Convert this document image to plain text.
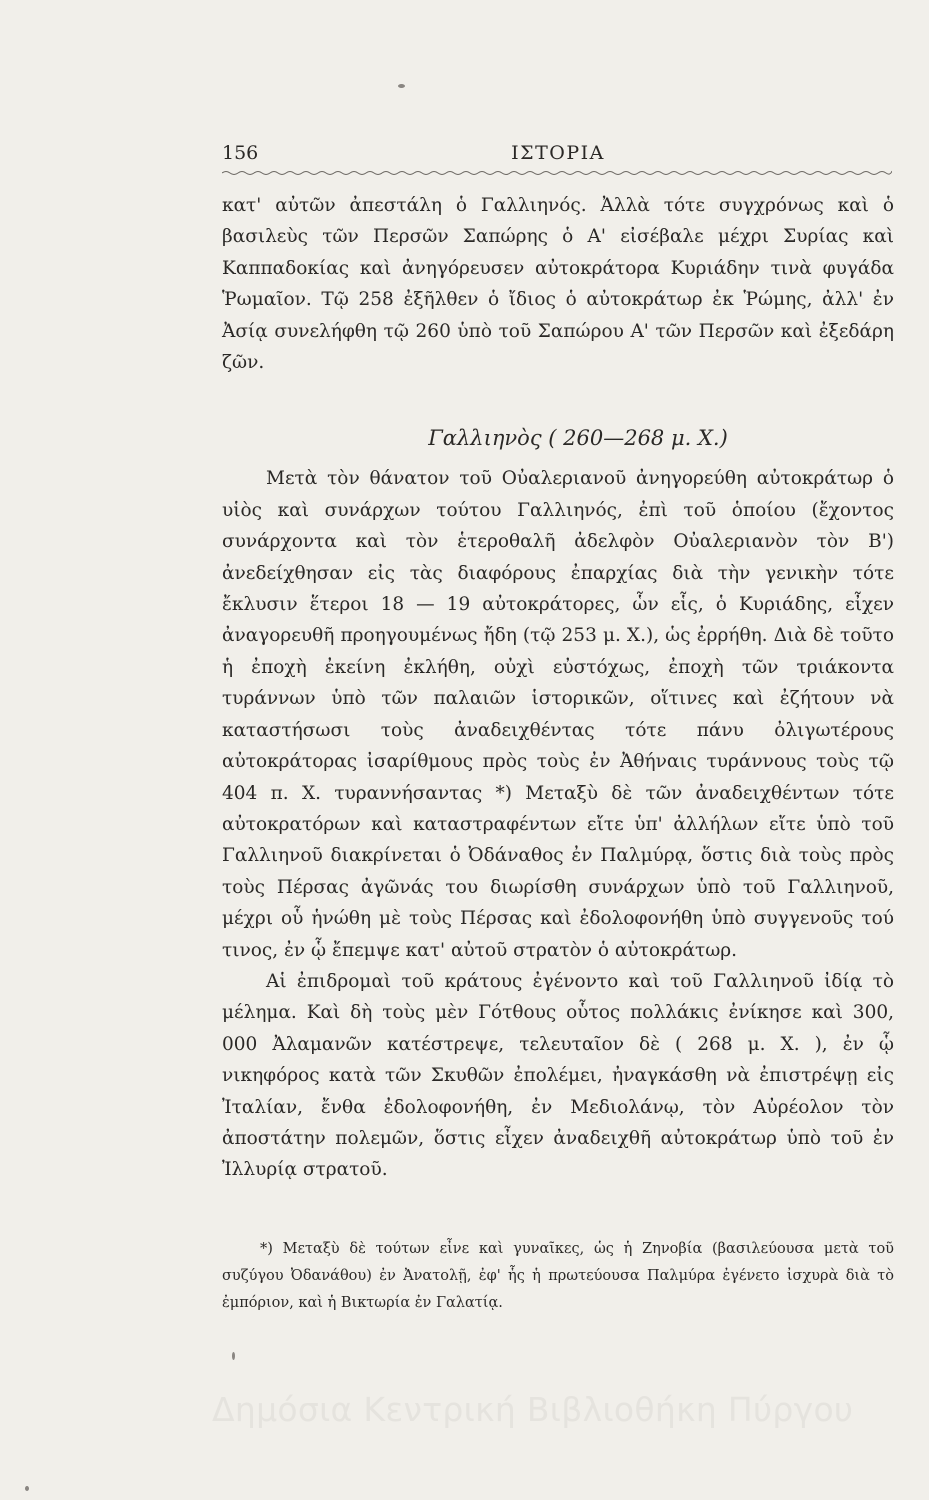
156	ΙΣΤΟΡΙΑ

κατ' αὐτῶν ἀπεστάλη ὁ Γαλλιηνός. Ἀλλὰ τότε συγχρόνως καὶ ὁ βασιλεὺς τῶν Περσῶν Σαπώρης ὁ Α' εἰσέβαλε μέχρι Συρίας καὶ Καππαδοκίας καὶ ἀνηγόρευσεν αὐτοκράτορα Κυριάδην τινὰ φυγάδα Ῥωμαῖον. Τῷ 258 ἐξῆλθεν ὁ ἴδιος ὁ αὐτοκράτωρ ἐκ Ῥώμης, ἀλλ' ἐν Ἀσίᾳ συνελήφθη τῷ 260 ὑπὸ τοῦ Σαπώρου Α' τῶν Περσῶν καὶ ἐξεδάρη ζῶν.

Γαλλιηνὸς ( 260—268 μ. Χ.)

Μετὰ τὸν θάνατον τοῦ Οὐαλεριανοῦ ἀνηγορεύθη αὐτοκράτωρ ὁ υἱὸς καὶ συνάρχων τούτου Γαλλιηνός, ἐπὶ τοῦ ὁποίου (ἔχοντος συνάρχοντα καὶ τὸν ἑτεροθαλῆ ἀδελφὸν Οὐαλεριανὸν τὸν Β') ἀνεδείχθησαν εἰς τὰς διαφόρους ἐπαρχίας διὰ τὴν γενικὴν τότε ἔκλυσιν ἕτεροι 18 — 19 αὐτοκράτορες, ὧν εἷς, ὁ Κυριάδης, εἶχεν ἀναγορευθῆ προηγουμένως ἤδη (τῷ 253 μ. Χ.), ὡς ἐρρήθη. Διὰ δὲ τοῦτο ἡ ἐποχὴ ἐκείνη ἐκλήθη, οὐχὶ εὐστόχως, ἐποχὴ τῶν τριάκοντα τυράννων ὑπὸ τῶν παλαιῶν ἱστορικῶν, οἵτινες καὶ ἐζήτουν νὰ καταστήσωσι τοὺς ἀναδειχθέντας τότε πάνυ ὀλιγωτέρους αὐτοκράτορας ἰσαρίθμους πρὸς τοὺς ἐν Ἀθήναις τυράννους τοὺς τῷ 404 π. Χ. τυραννήσαντας *) Μεταξὺ δὲ τῶν ἀναδειχθέντων τότε αὐτοκρατόρων καὶ καταστραφέντων εἴτε ὑπ' ἀλλήλων εἴτε ὑπὸ τοῦ Γαλλιηνοῦ διακρίνεται ὁ Ὀδάναθος ἐν Παλμύρᾳ, ὅστις διὰ τοὺς πρὸς τοὺς Πέρσας ἀγῶνάς του διωρίσθη συνάρχων ὑπὸ τοῦ Γαλλιηνοῦ, μέχρι οὗ ἡνώθη μὲ τοὺς Πέρσας καὶ ἐδολοφονήθη ὑπὸ συγγενοῦς τού τινος, ἐν ᾧ ἔπεμψε κατ' αὐτοῦ στρατὸν ὁ αὐτοκράτωρ.

Αἱ ἐπιδρομαὶ τοῦ κράτους ἐγένοντο καὶ τοῦ Γαλλιηνοῦ ἰδίᾳ τὸ μέλημα. Καὶ δὴ τοὺς μὲν Γότθους οὗτος πολλάκις ἐνίκησε καὶ 300, 000 Ἀλαμανῶν κατέστρεψε, τελευταῖον δὲ ( 268 μ. Χ. ), ἐν ᾧ νικηφόρος κατὰ τῶν Σκυθῶν ἐπολέμει, ἠναγκάσθη νὰ ἐπιστρέψῃ εἰς Ἰταλίαν, ἔνθα ἐδολοφονήθη, ἐν Μεδιολάνῳ, τὸν Αὐρέολον τὸν ἀποστάτην πολεμῶν, ὅστις εἶχεν ἀναδειχθῆ αὐτοκράτωρ ὑπὸ τοῦ ἐν Ἰλλυρίᾳ στρατοῦ.

*) Μεταξὺ δὲ τούτων εἶνε καὶ γυναῖκες, ὡς ἡ Ζηνοβία (βασιλεύουσα μετὰ τοῦ συζύγου Ὀδανάθου) ἐν Ἀνατολῇ, ἐφ' ἧς ἡ πρωτεύουσα Παλμύρα ἐγένετο ἰσχυρὰ διὰ τὸ ἐμπόριον, καὶ ἡ Βικτωρία ἐν Γαλατίᾳ.

Δημόσια Κεντρική Βιβλιοθήκη Πύργου
